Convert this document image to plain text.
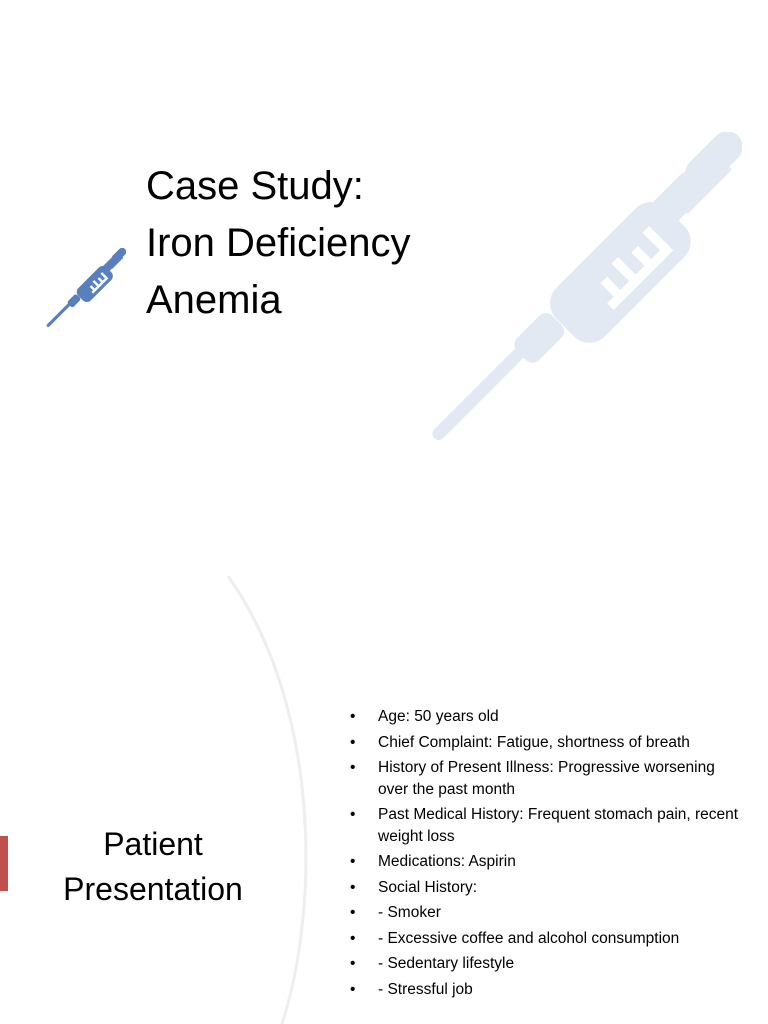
Case Study:
Iron Deficiency
Anemia
Patient
Presentation
• Age: 50 years old
• Chief Complaint: Fatigue, shortness of breath
• History of Present Illness: Progressive worsening over the past month
• Past Medical History: Frequent stomach pain, recent weight loss
• Medications: Aspirin
• Social History:
• - Smoker
• - Excessive coffee and alcohol consumption
• - Sedentary lifestyle
• - Stressful job
